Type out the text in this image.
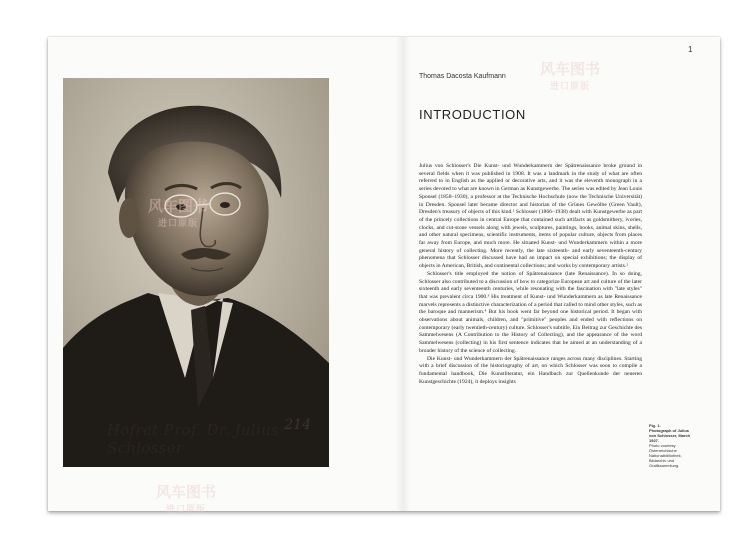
214
Hofrat Prof. Dr. Julius Schlosser
1
Thomas Dacosta Kaufmann
INTRODUCTION

Julius von Schlosser's Die Kunst- und Wunderkammern der Spätrenaissance broke ground in several fields when it was published in 1908. It was a landmark in the study of what are often referred to in English as the applied or decorative arts, and it was the eleventh monograph in a series devoted to what are known in German as Kunstgewerbe. The series was edited by Jean Louis Sponsel (1858–1930), a professor at the Technische Hochschule (now the Technische Universität) in Dresden. Sponsel later became director and historian of the Grünes Gewölbe (Green Vault), Dresden's treasury of objects of this kind.¹ Schlosser (1866–1938) dealt with Kunstgewerbe as part of the princely collections in central Europe that contained such artifacts as goldsmithery, ivories, clocks, and cut-stone vessels along with jewels, sculptures, paintings, books, animal skins, shells, and other natural specimens, scientific instruments, items of popular culture, objects from places far away from Europe, and much more. He situated Kunst- und Wunderkammern within a more general history of collecting. More recently, the late sixteenth- and early seventeenth-century phenomena that Schlosser discussed have had an impact on special exhibitions; the display of objects in American, British, and continental collections; and works by contemporary artists.²

Schlosser's title employed the notion of Spätrenaissance (late Renaissance). In so doing, Schlosser also contributed to a discussion of how to categorize European art and culture of the later sixteenth and early seventeenth centuries, while resonating with the fascination with "late styles" that was prevalent circa 1900.³ His treatment of Kunst- und Wunderkammern as late Renaissance marvels represents a distinctive characterization of a period that called to mind other styles, such as the baroque and mannerism.⁴ But his book went far beyond one historical period. It began with observations about animals, children, and "primitive" peoples and ended with reflections on contemporary (early twentieth-century) culture. Schlosser's subtitle, Ein Beitrag zur Geschichte des Sammelwesens (A Contribution to the History of Collecting), and the appearance of the word Sammelwesens (collecting) in his first sentence indicates that he aimed at an understanding of a broader history of the science of collecting.

Die Kunst- und Wunderkammern der Spätrenaissance ranges across many disciplines. Starting with a brief discussion of the historiography of art, on which Schlosser was soon to compile a fundamental handbook, Die Kunstliteratur, ein Handbuch zur Quellenkunde der neueren Kunstgeschichte (1924), it deploys insights

Fig. 1.
Photograph of Julius von Schlosser, March 1927.
Photo courtesy Österreichische Nationalbibliothek, Bildarchiv und Grafiksammlung.
风车图书
进口原版
风车图书
进口原版
风车图书
进口原版
